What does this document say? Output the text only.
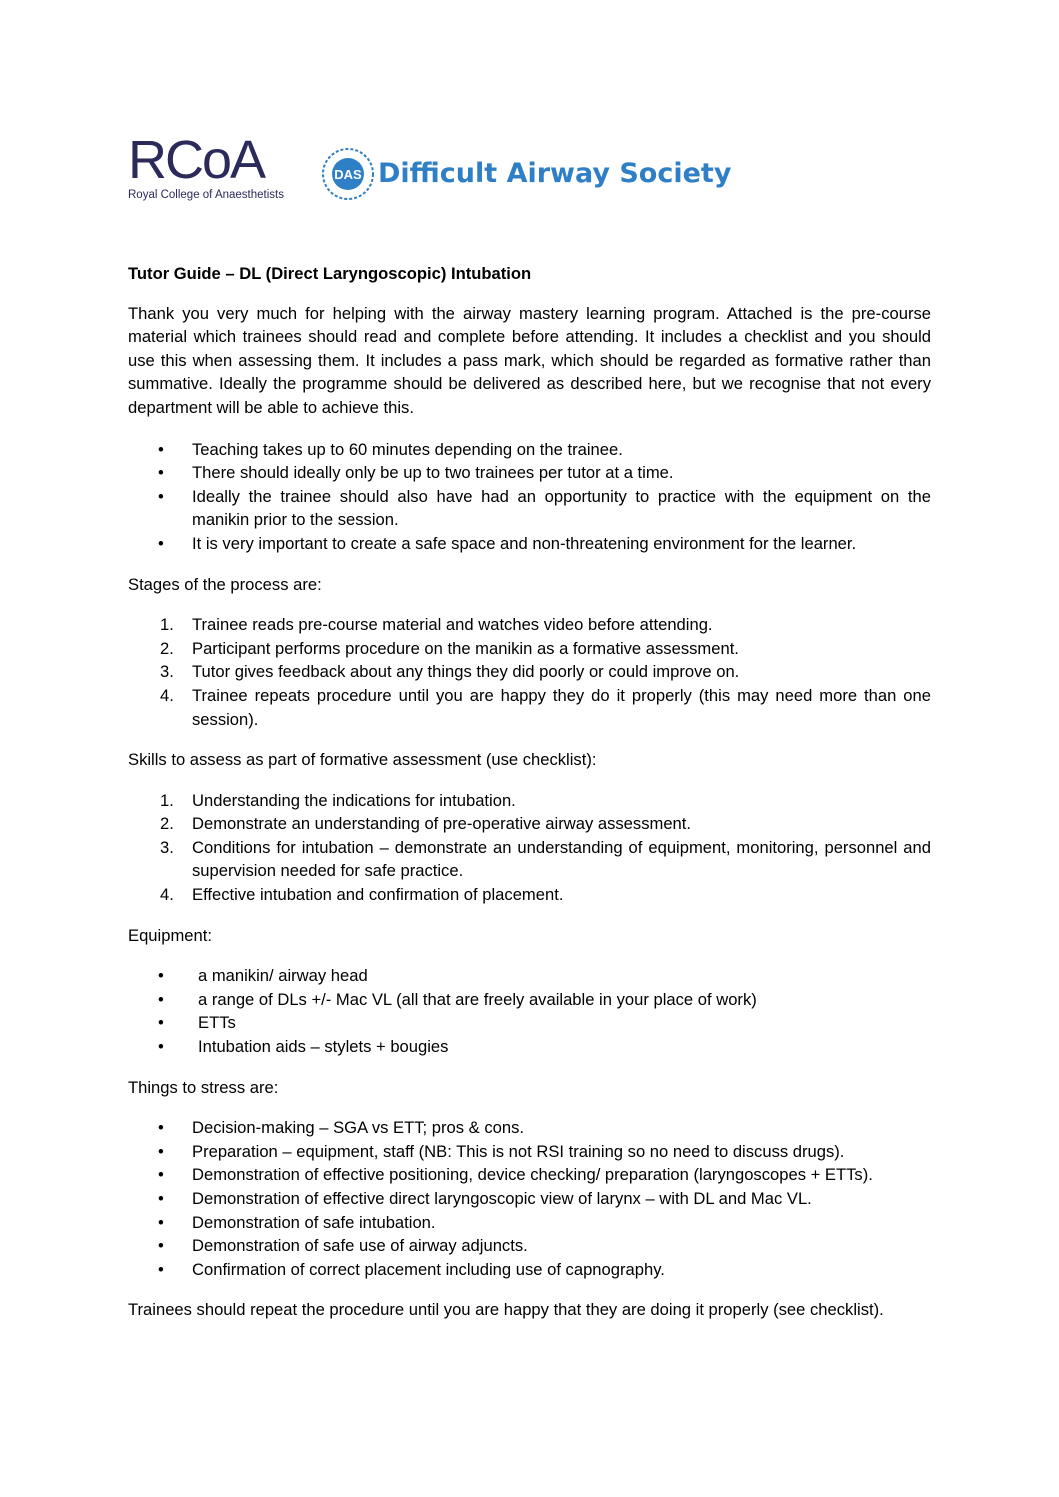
RCoA
Royal College of Anaesthetists
DAS Difficult Airway Society
Tutor Guide – DL (Direct Laryngoscopic) Intubation

Thank you very much for helping with the airway mastery learning program. Attached is the pre-course material which trainees should read and complete before attending. It includes a checklist and you should use this when assessing them. It includes a pass mark, which should be regarded as formative rather than summative. Ideally the programme should be delivered as described here, but we recognise that not every department will be able to achieve this.

• Teaching takes up to 60 minutes depending on the trainee.
• There should ideally only be up to two trainees per tutor at a time.
• Ideally the trainee should also have had an opportunity to practice with the equipment on the manikin prior to the session.
• It is very important to create a safe space and non-threatening environment for the learner.

Stages of the process are:

1. Trainee reads pre-course material and watches video before attending.
2. Participant performs procedure on the manikin as a formative assessment.
3. Tutor gives feedback about any things they did poorly or could improve on.
4. Trainee repeats procedure until you are happy they do it properly (this may need more than one session).

Skills to assess as part of formative assessment (use checklist):

1. Understanding the indications for intubation.
2. Demonstrate an understanding of pre-operative airway assessment.
3. Conditions for intubation – demonstrate an understanding of equipment, monitoring, personnel and supervision needed for safe practice.
4. Effective intubation and confirmation of placement.

Equipment:

• a manikin/ airway head
• a range of DLs +/- Mac VL (all that are freely available in your place of work)
• ETTs
• Intubation aids – stylets + bougies

Things to stress are:

• Decision-making – SGA vs ETT; pros & cons.
• Preparation – equipment, staff (NB: This is not RSI training so no need to discuss drugs).
• Demonstration of effective positioning, device checking/ preparation (laryngoscopes + ETTs).
• Demonstration of effective direct laryngoscopic view of larynx – with DL and Mac VL.
• Demonstration of safe intubation.
• Demonstration of safe use of airway adjuncts.
• Confirmation of correct placement including use of capnography.

Trainees should repeat the procedure until you are happy that they are doing it properly (see checklist).
